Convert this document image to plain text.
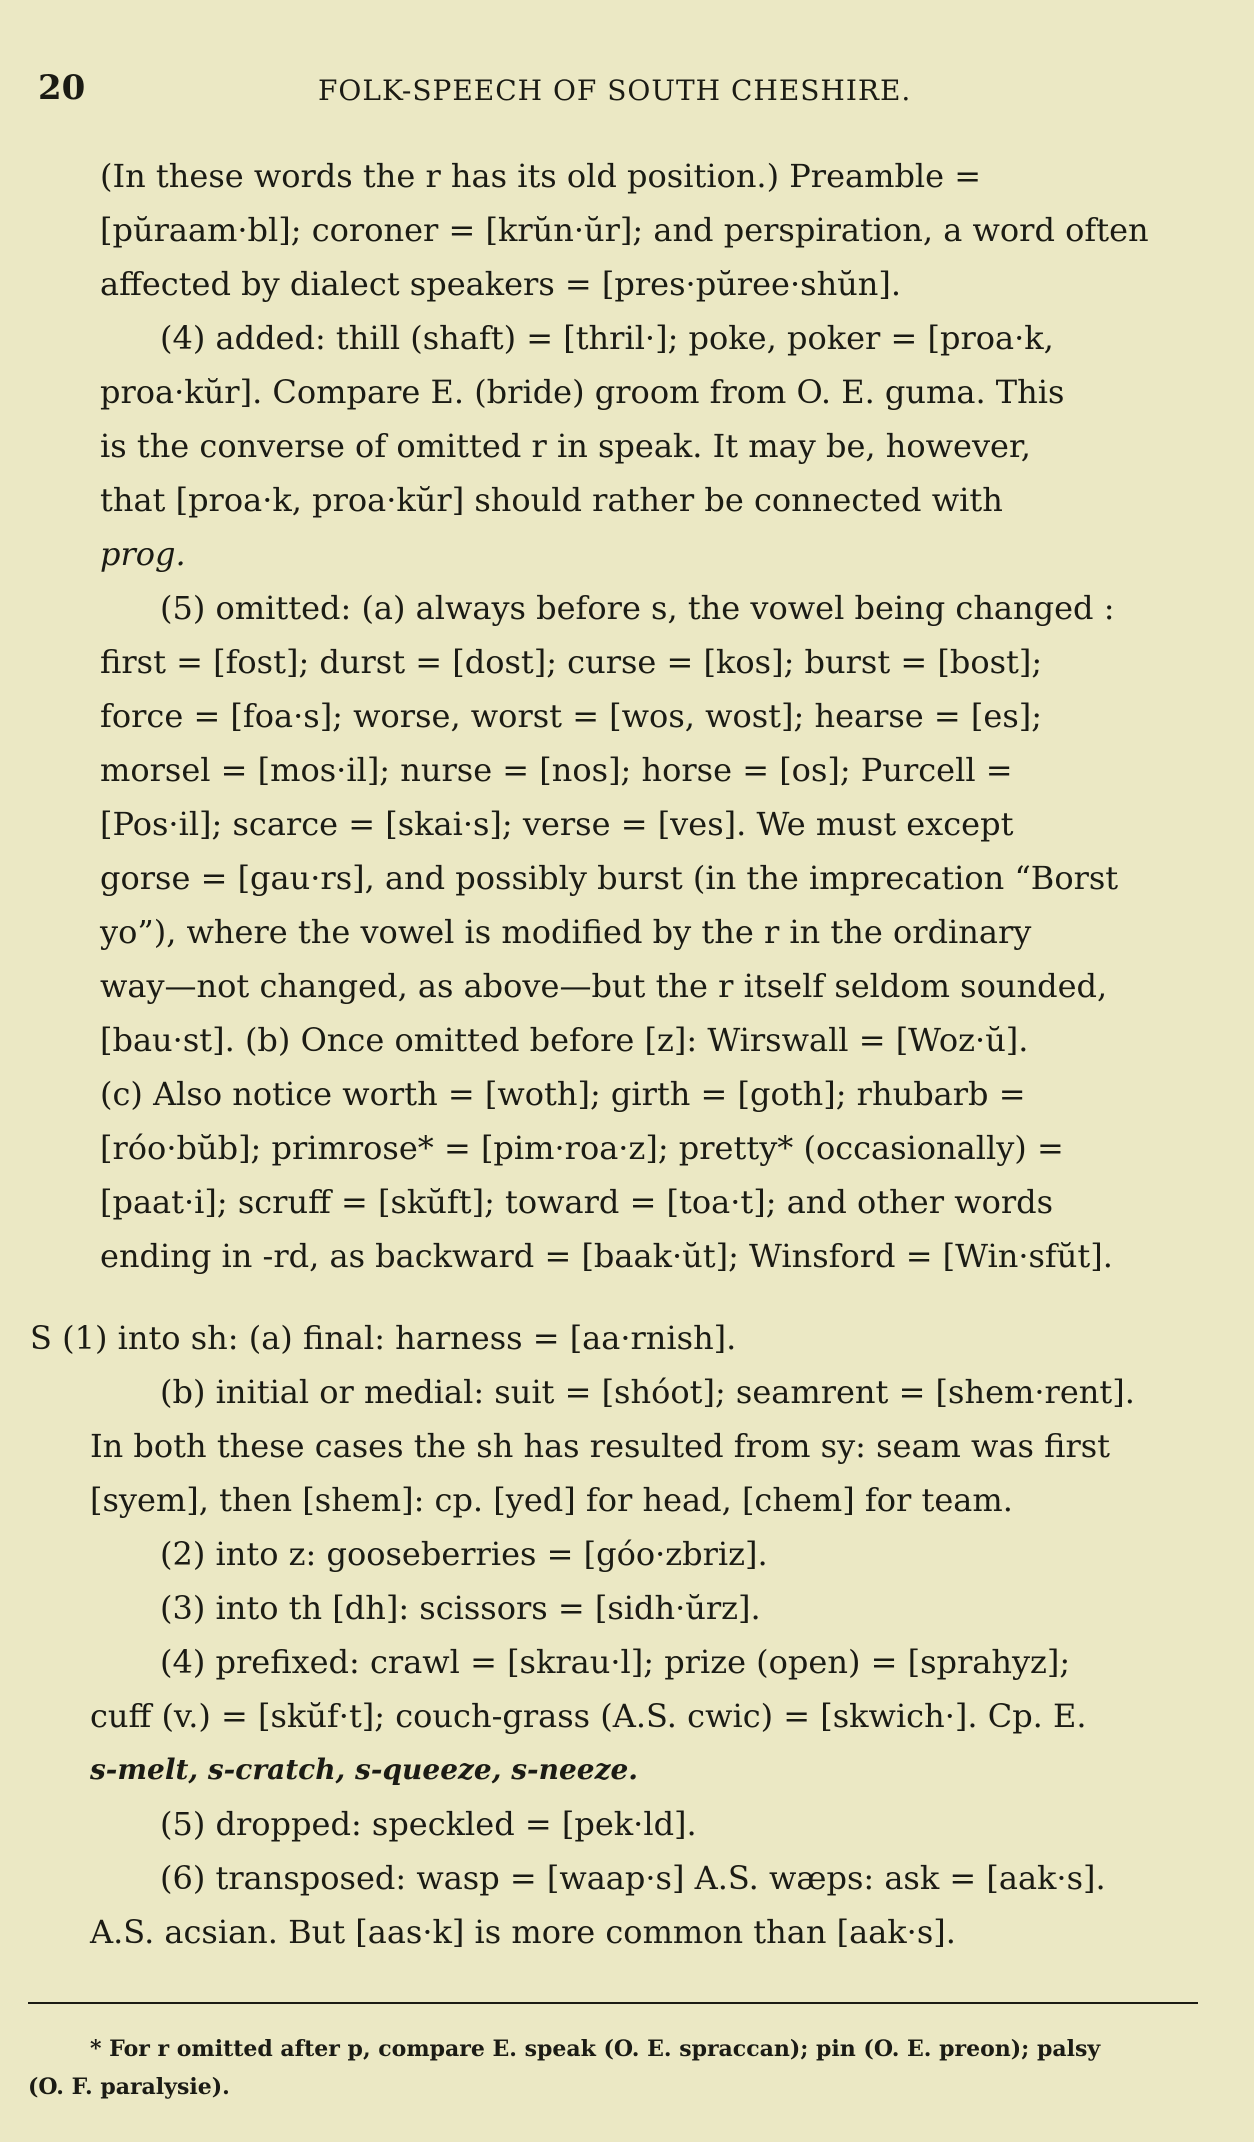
20	FOLK-SPEECH OF SOUTH CHESHIRE.
(In these words the r has its old position.) Preamble =
[pŭraam·bl]; coroner = [krŭn·ŭr]; and perspiration, a word often
affected by dialect speakers = [pres·pŭree·shŭn].
(4) added: thill (shaft) = [thril·]; poke, poker = [proa·k,
proa·kŭr]. Compare E. (bride) groom from O. E. guma. This
is the converse of omitted r in speak. It may be, however,
that [proa·k, proa·kŭr] should rather be connected with
prog.
(5) omitted: (a) always before s, the vowel being changed :
first = [fost]; durst = [dost]; curse = [kos]; burst = [bost];
force = [foa·s]; worse, worst = [wos, wost]; hearse = [es];
morsel = [mos·il]; nurse = [nos]; horse = [os]; Purcell =
[Pos·il]; scarce = [skai·s]; verse = [ves]. We must except
gorse = [gau·rs], and possibly burst (in the imprecation “Borst
yo”), where the vowel is modified by the r in the ordinary
way—not changed, as above—but the r itself seldom sounded,
[bau·st]. (b) Once omitted before [z]: Wirswall = [Woz·ŭ].
(c) Also notice worth = [woth]; girth = [goth]; rhubarb =
[róo·bŭb]; primrose* = [pim·roa·z]; pretty* (occasionally) =
[paat·i]; scruff = [skŭft]; toward = [toa·t]; and other words
ending in -rd, as backward = [baak·ŭt]; Winsford = [Win·sfŭt].
S (1) into sh: (a) final: harness = [aa·rnish].
(b) initial or medial: suit = [shóot]; seamrent = [shem·rent].
In both these cases the sh has resulted from sy: seam was first
[syem], then [shem]: cp. [yed] for head, [chem] for team.
(2) into z: gooseberries = [góo·zbriz].
(3) into th [dh]: scissors = [sidh·ŭrz].
(4) prefixed: crawl = [skrau·l]; prize (open) = [sprahyz];
cuff (v.) = [skŭf·t]; couch-grass (A.S. cwic) = [skwich·]. Cp. E.
s-melt, s-cratch, s-queeze, s-neeze.
(5) dropped: speckled = [pek·ld].
(6) transposed: wasp = [waap·s] A.S. wæps: ask = [aak·s].
A.S. acsian. But [aas·k] is more common than [aak·s].
* For r omitted after p, compare E. speak (O. E. spraccan); pin (O. E. preon); palsy
(O. F. paralysie).
